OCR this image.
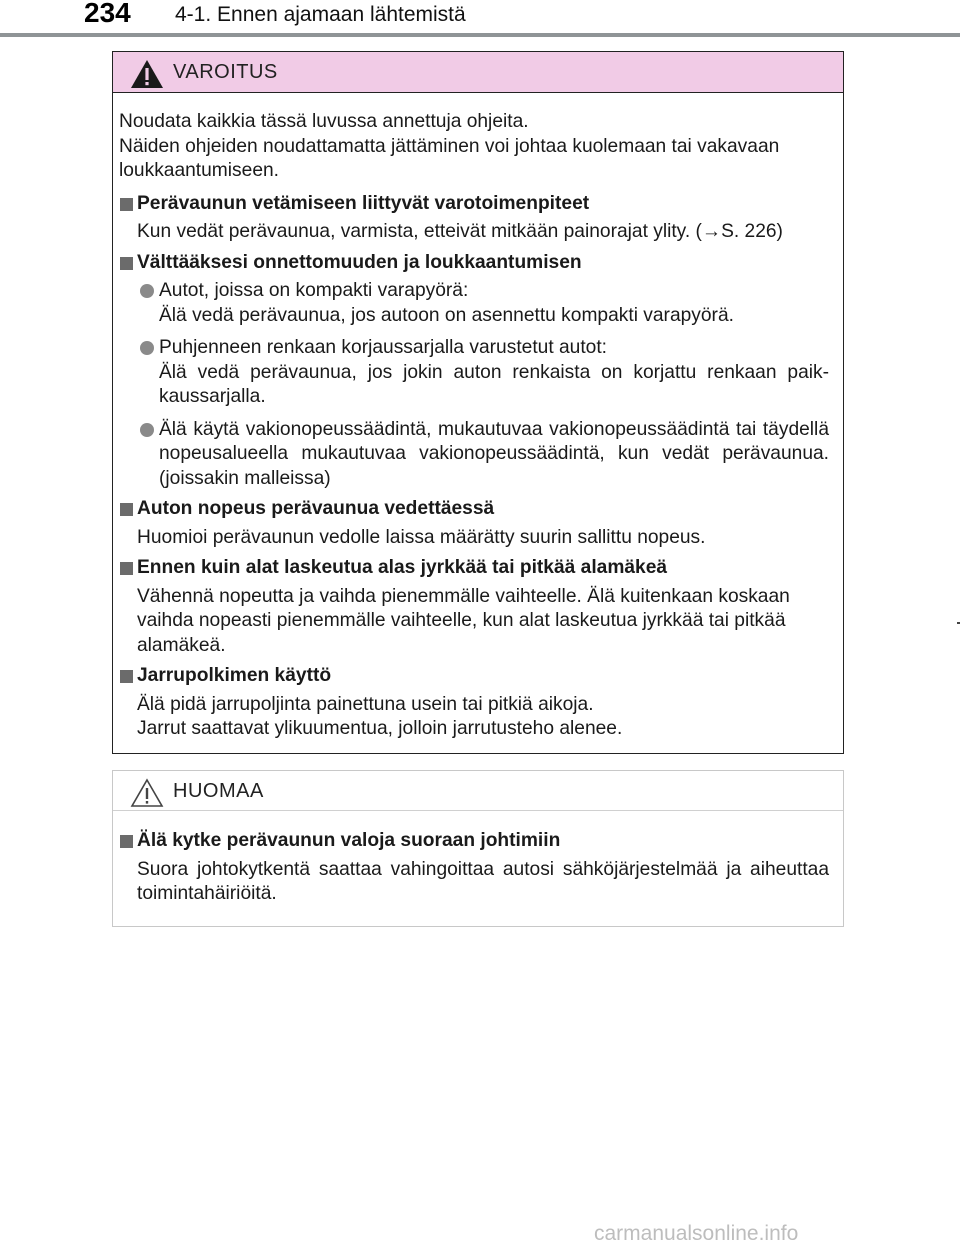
234 4-1. Ennen ajamaan lähtemistä
VAROITUS

Noudata kaikkia tässä luvussa annettuja ohjeita.

Näiden ohjeiden noudattamatta jättäminen voi johtaa kuolemaan tai vakavaan loukkaantumiseen.

Perävaunun vetämiseen liittyvät varotoimenpiteet

Kun vedät perävaunua, varmista, etteivät mitkään painorajat ylity. (→S. 226)

Välttääksesi onnettomuuden ja loukkaantumisen

Autot, joissa on kompakti varapyörä:

Älä vedä perävaunua, jos autoon on asennettu kompakti varapyörä.

Puhjenneen renkaan korjaussarjalla varustetut autot:

Älä vedä perävaunua, jos jokin auton renkaista on korjattu renkaan paik-kaussarjalla.

Älä käytä vakionopeussäädintä, mukautuvaa vakionopeussäädintä tai täydellä nopeusalueella mukautuvaa vakionopeussäädintä, kun vedät perävaunua. (joissakin malleissa)

Auton nopeus perävaunua vedettäessä

Huomioi perävaunun vedolle laissa määrätty suurin sallittu nopeus.

Ennen kuin alat laskeutua alas jyrkkää tai pitkää alamäkeä

Vähennä nopeutta ja vaihda pienemmälle vaihteelle. Älä kuitenkaan koskaan vaihda nopeasti pienemmälle vaihteelle, kun alat laskeutua jyrkkää tai pitkää alamäkeä.

Jarrupolkimen käyttö

Älä pidä jarrupoljinta painettuna usein tai pitkiä aikoja.

Jarrut saattavat ylikuumentua, jolloin jarrutusteho alenee.

HUOMAA
Älä kytke perävaunun valoja suoraan johtimiin

Suora johtokytkentä saattaa vahingoittaa autosi sähköjärjestelmää ja aiheuttaa toimintahäiriöitä.

carmanualsonline.info
